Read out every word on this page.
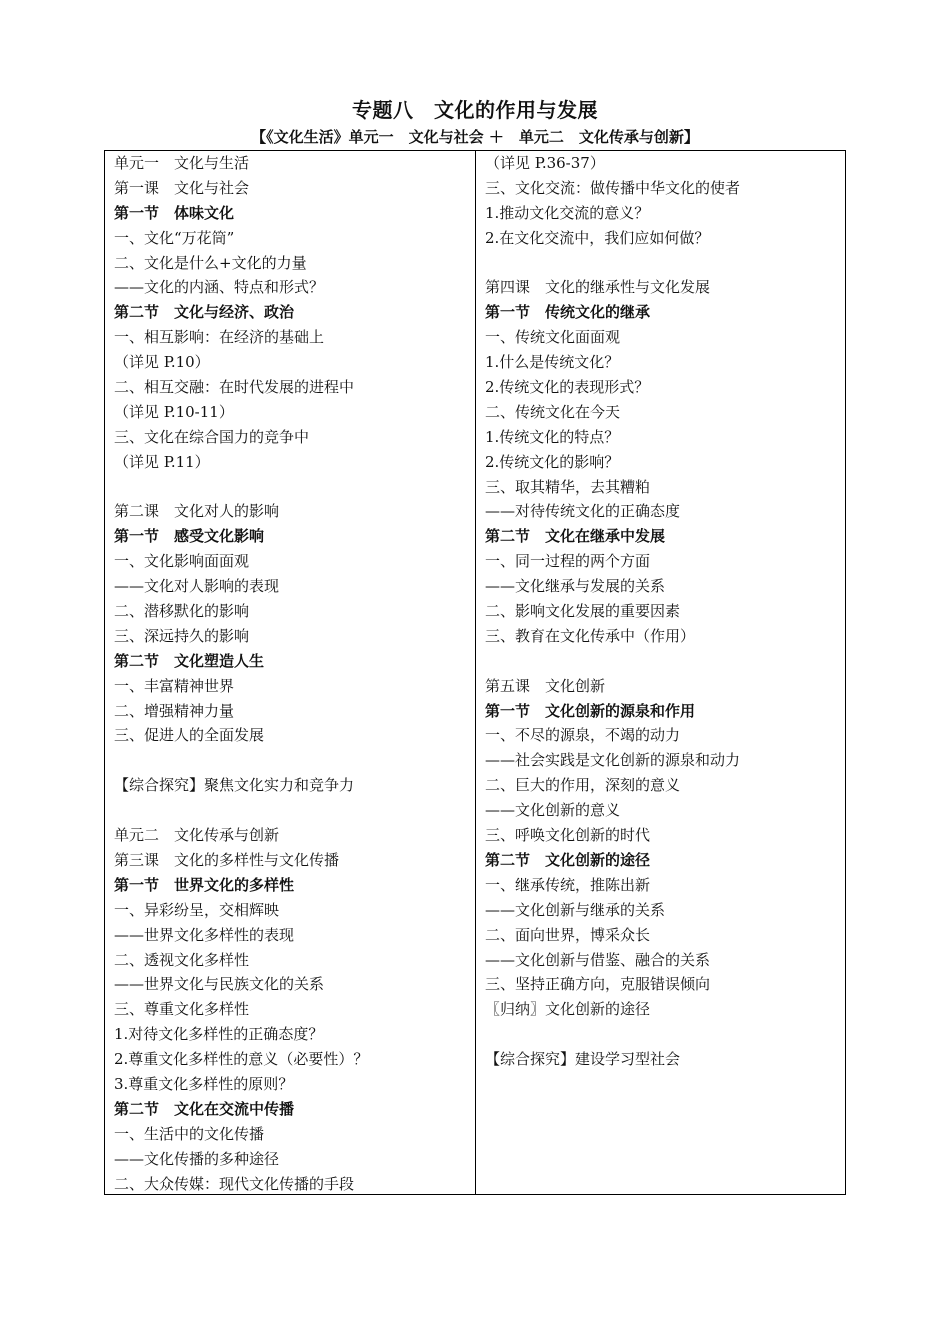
专题八　文化的作用与发展
【《文化生活》单元一　文化与社会 ＋　单元二　文化传承与创新】
单元一　文化与生活
第一课　文化与社会
第一节　体味文化
一、文化“万花筒”
二、文化是什么+文化的力量
——文化的内涵、特点和形式？
第二节　文化与经济、政治
一、相互影响：在经济的基础上
（详见 P.10）
二、相互交融：在时代发展的进程中
（详见 P.10-11）
三、文化在综合国力的竞争中
（详见 P.11）
第二课　文化对人的影响
第一节　感受文化影响
一、文化影响面面观
——文化对人影响的表现
二、潜移默化的影响
三、深远持久的影响
第二节　文化塑造人生
一、丰富精神世界
二、增强精神力量
三、促进人的全面发展
【综合探究】聚焦文化实力和竞争力
单元二　文化传承与创新
第三课　文化的多样性与文化传播
第一节　世界文化的多样性
一、异彩纷呈，交相辉映
——世界文化多样性的表现
二、透视文化多样性
——世界文化与民族文化的关系
三、尊重文化多样性
1.对待文化多样性的正确态度？
2.尊重文化多样性的意义（必要性）？
3.尊重文化多样性的原则？
第二节　文化在交流中传播
一、生活中的文化传播
——文化传播的多种途径
二、大众传媒：现代文化传播的手段
（详见 P.36-37）
三、文化交流：做传播中华文化的使者
1.推动文化交流的意义？
2.在文化交流中，我们应如何做？
第四课　文化的继承性与文化发展
第一节　传统文化的继承
一、传统文化面面观
1.什么是传统文化？
2.传统文化的表现形式？
二、传统文化在今天
1.传统文化的特点？
2.传统文化的影响？
三、取其精华，去其糟粕
——对待传统文化的正确态度
第二节　文化在继承中发展
一、同一过程的两个方面
——文化继承与发展的关系
二、影响文化发展的重要因素
三、教育在文化传承中（作用）
第五课　文化创新
第一节　文化创新的源泉和作用
一、不尽的源泉，不竭的动力
——社会实践是文化创新的源泉和动力
二、巨大的作用，深刻的意义
——文化创新的意义
三、呼唤文化创新的时代
第二节　文化创新的途径
一、继承传统，推陈出新
——文化创新与继承的关系
二、面向世界，博采众长
——文化创新与借鉴、融合的关系
三、坚持正确方向，克服错误倾向
〖归纳〗文化创新的途径
【综合探究】建设学习型社会
